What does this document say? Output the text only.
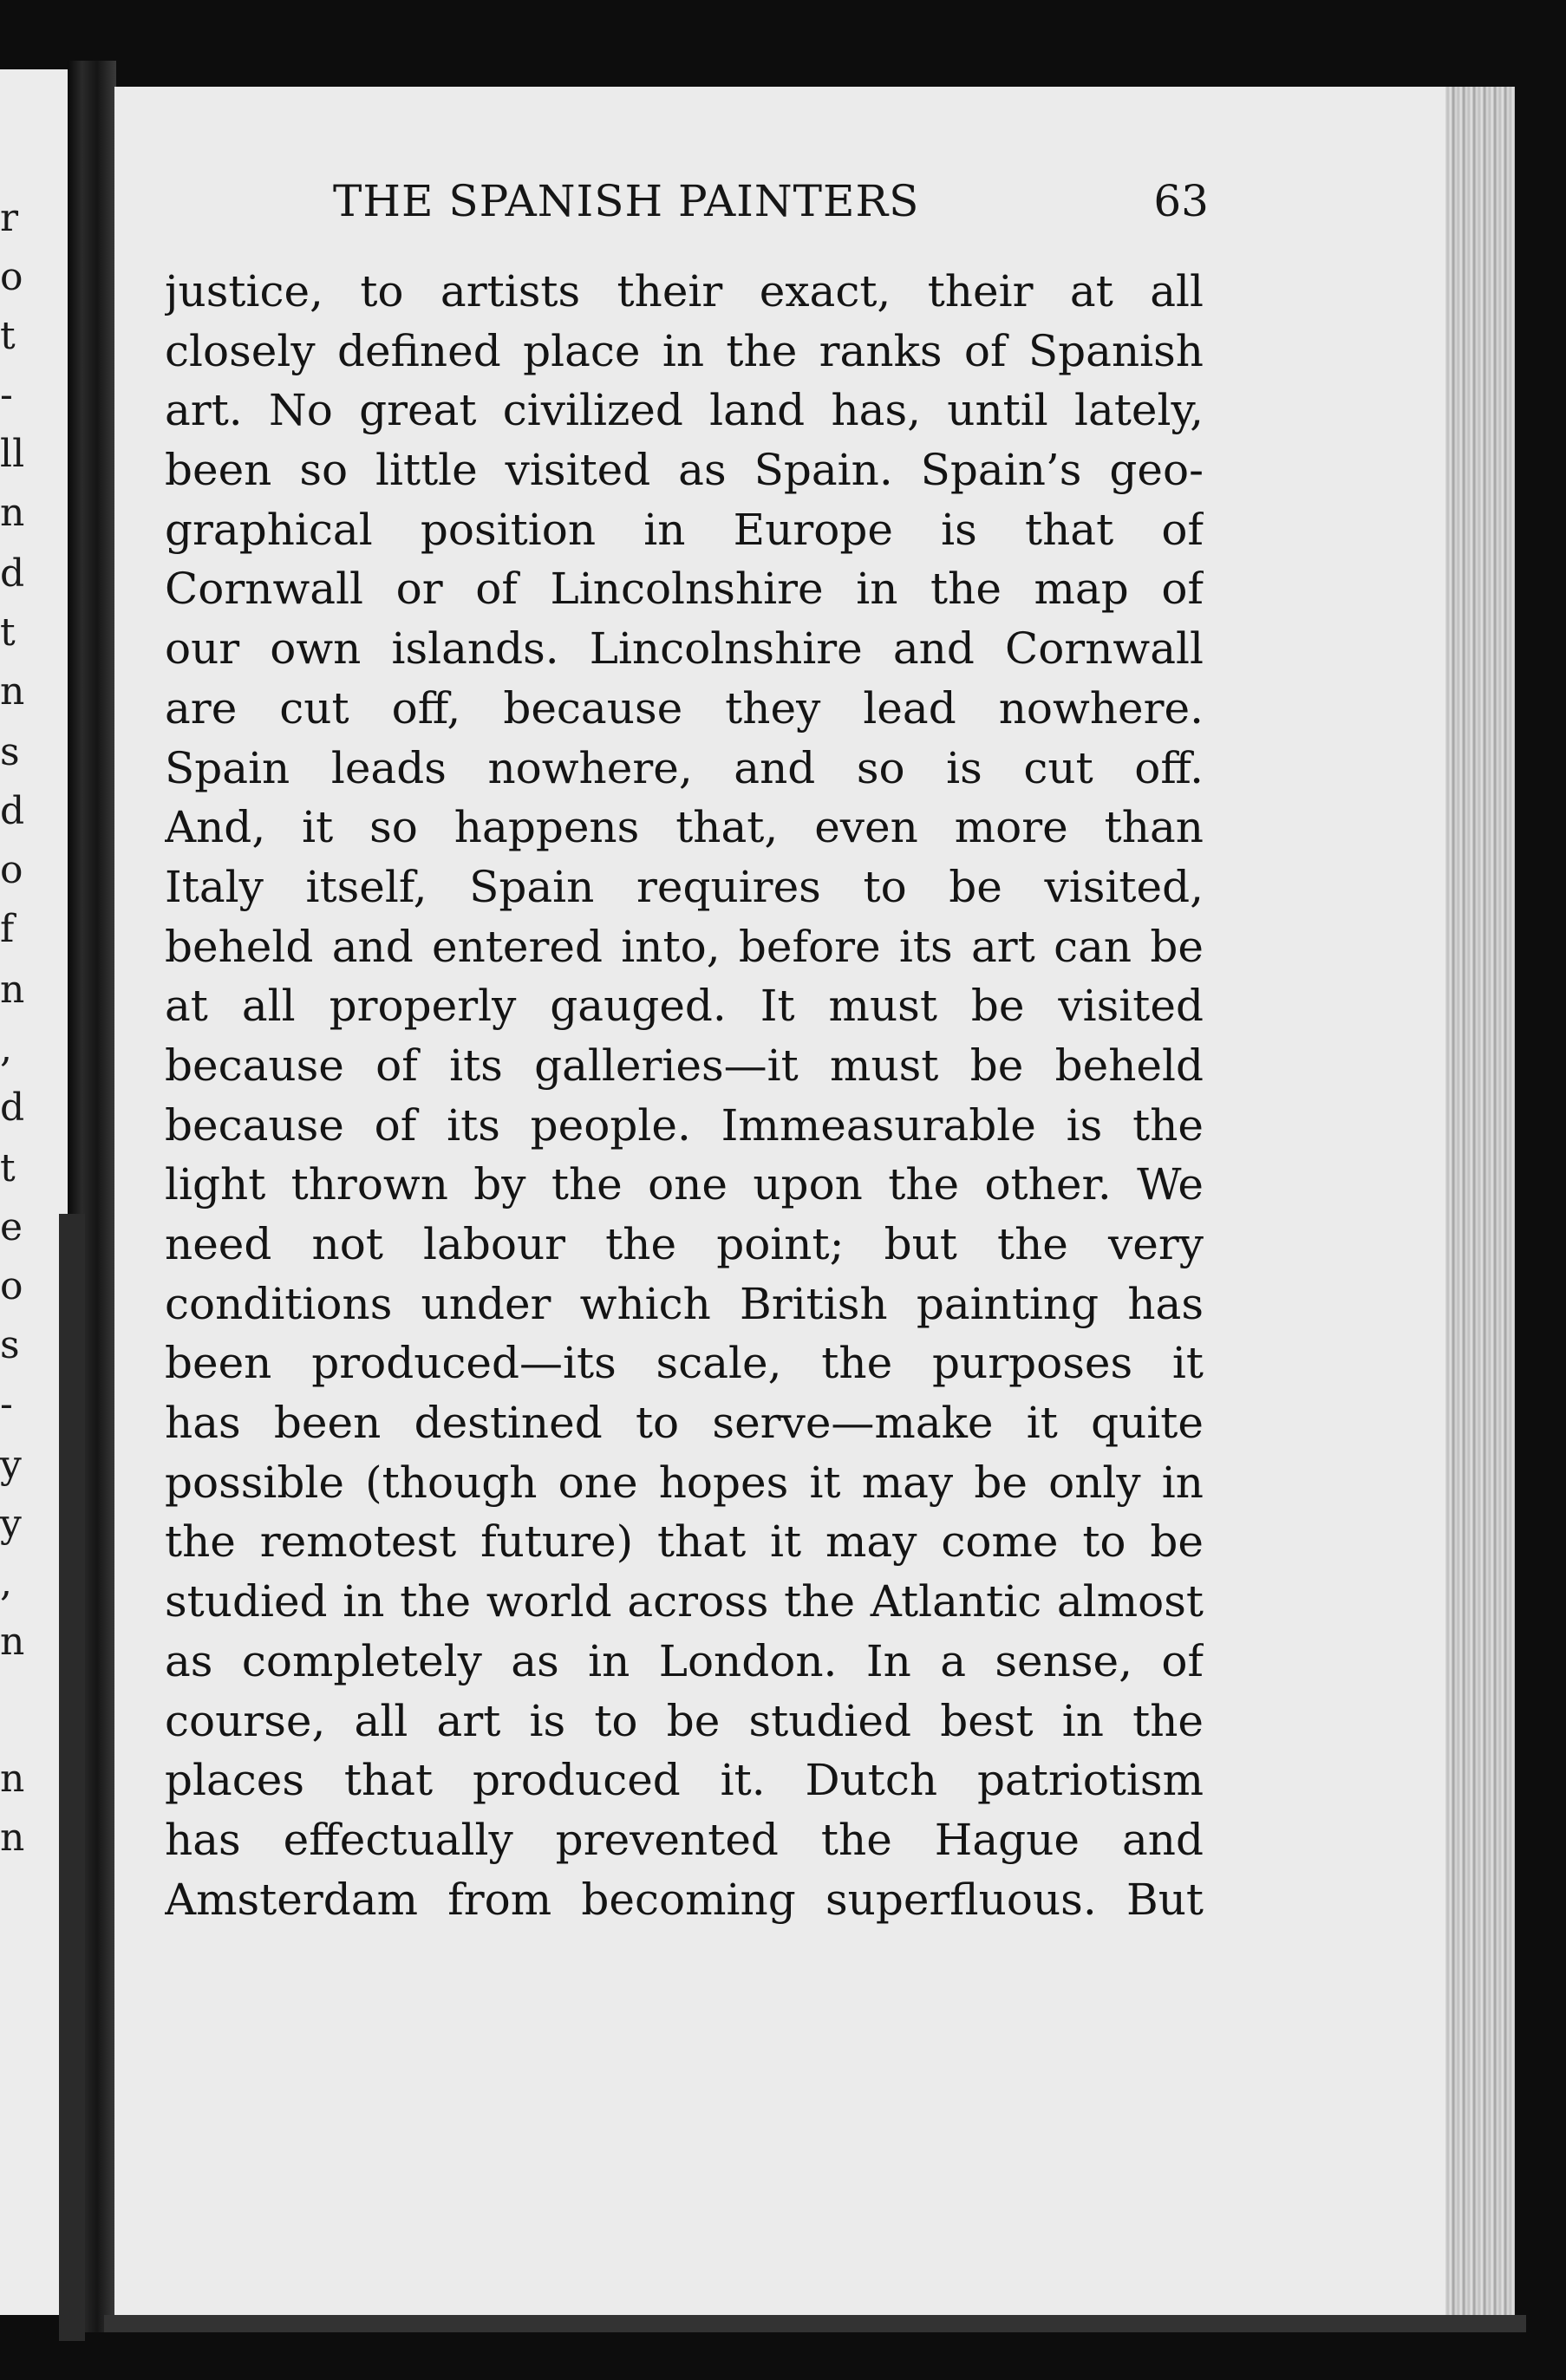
r
o
t
-
ll
n
d
t
n
s
d
o
f
n
,
d
t
e
o
s
-
y
y
,
n
n
n
THE SPANISH PAINTERS	63
justice, to artists their exact, their at all
closely defined place in the ranks of Spanish
art. No great civilized land has, until lately,
been so little visited as Spain. Spain’s geo-
graphical position in Europe is that of
Cornwall or of Lincolnshire in the map of
our own islands. Lincolnshire and Cornwall
are cut off, because they lead nowhere.
Spain leads nowhere, and so is cut off.
And, it so happens that, even more than
Italy itself, Spain requires to be visited,
beheld and entered into, before its art can be
at all properly gauged. It must be visited
because of its galleries—it must be beheld
because of its people. Immeasurable is the
light thrown by the one upon the other. We
need not labour the point; but the very
conditions under which British painting has
been produced—its scale, the purposes it
has been destined to serve—make it quite
possible (though one hopes it may be only in
the remotest future) that it may come to be
studied in the world across the Atlantic almost
as completely as in London. In a sense, of
course, all art is to be studied best in the
places that produced it. Dutch patriotism
has effectually prevented the Hague and
Amsterdam from becoming superfluous. But
